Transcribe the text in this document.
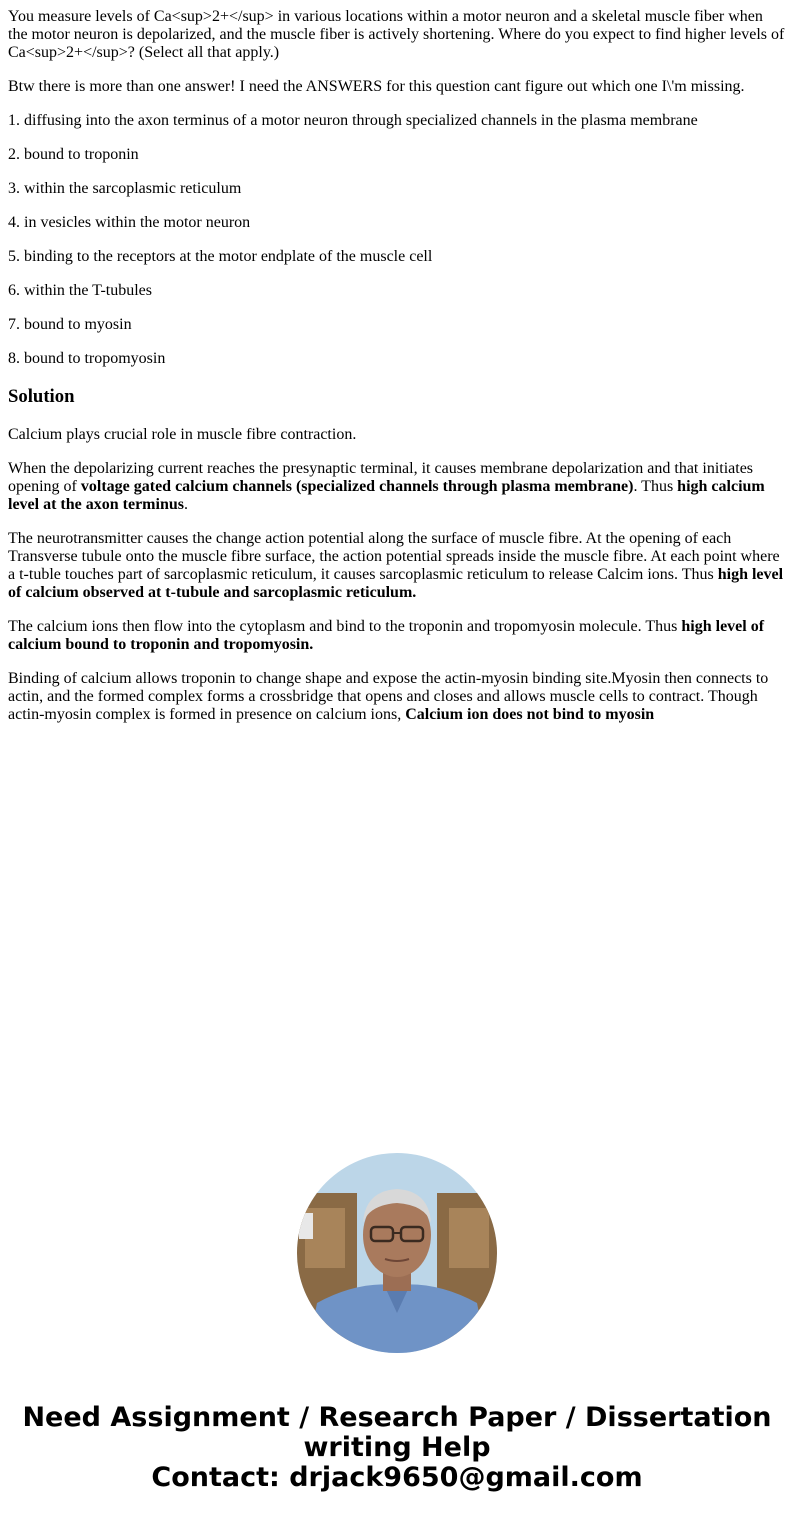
You measure levels of Ca<sup>2+</sup> in various locations within a motor neuron and a skeletal muscle fiber when the motor neuron is depolarized, and the muscle fiber is actively shortening. Where do you expect to find higher levels of Ca<sup>2+</sup>? (Select all that apply.)

Btw there is more than one answer! I need the ANSWERS for this question cant figure out which one I\'m missing.

1. diffusing into the axon terminus of a motor neuron through specialized channels in the plasma membrane

2. bound to troponin

3. within the sarcoplasmic reticulum

4. in vesicles within the motor neuron

5. binding to the receptors at the motor endplate of the muscle cell

6. within the T-tubules

7. bound to myosin

8. bound to tropomyosin

Solution

Calcium plays crucial role in muscle fibre contraction.

When the depolarizing current reaches the presynaptic terminal, it causes membrane depolarization and that initiates opening of voltage gated calcium channels (specialized channels through plasma membrane). Thus high calcium level at the axon terminus.

The neurotransmitter causes the change action potential along the surface of muscle fibre. At the opening of each Transverse tubule onto the muscle fibre surface, the action potential spreads inside the muscle fibre. At each point where a t-tuble touches part of sarcoplasmic reticulum, it causes sarcoplasmic reticulum to release Calcim ions. Thus high level of calcium observed at t-tubule and sarcoplasmic reticulum.

The calcium ions then flow into the cytoplasm and bind to the troponin and tropomyosin molecule. Thus high level of calcium bound to troponin and tropomyosin.

Binding of calcium allows troponin to change shape and expose the actin-myosin binding site.Myosin then connects to actin, and the formed complex forms a crossbridge that opens and closes and allows muscle cells to contract. Though actin-myosin complex is formed in presence on calcium ions, Calcium ion does not bind to myosin

Need Assignment / Research Paper / Dissertation
writing Help
Contact: drjack9650@gmail.com
